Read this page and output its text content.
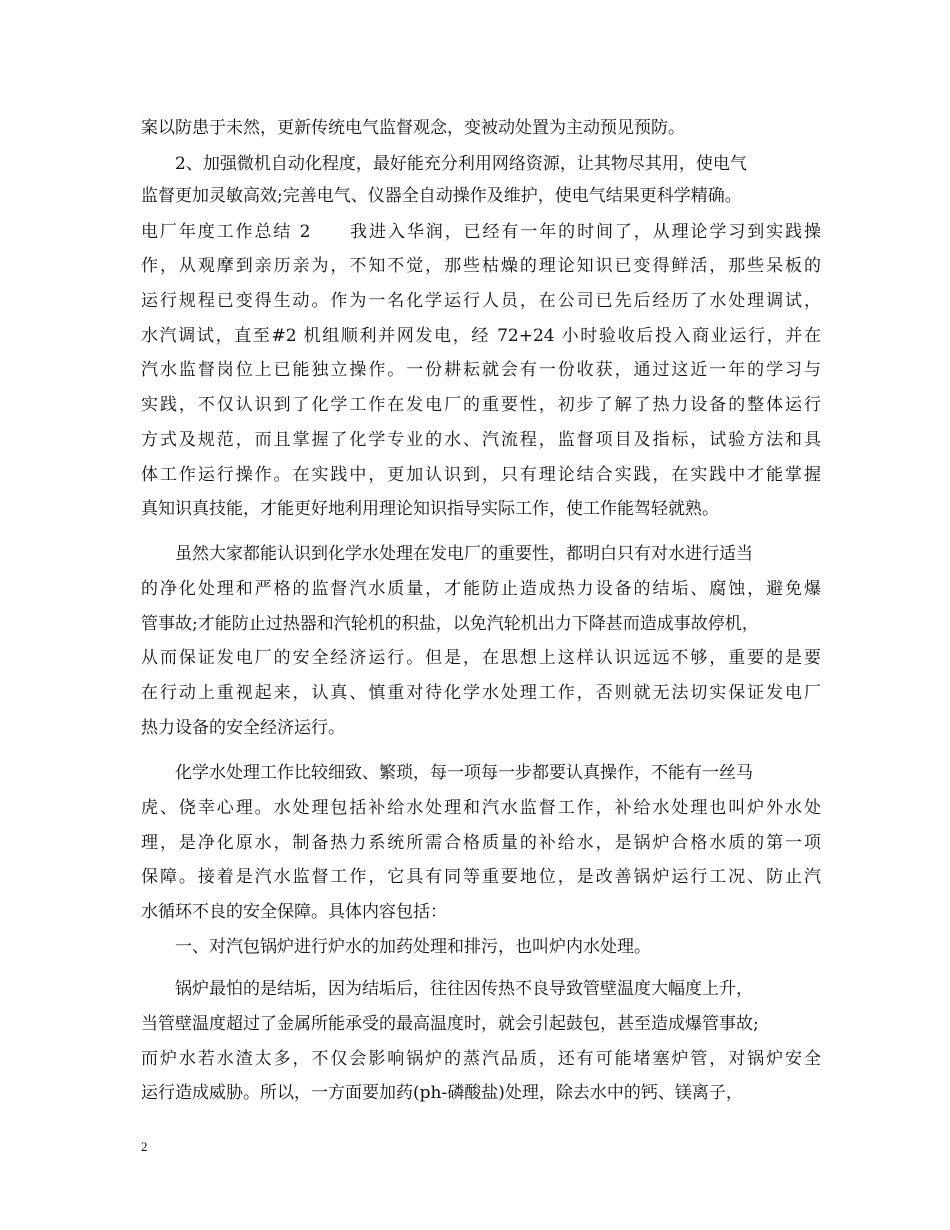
案以防患于未然，更新传统电气监督观念，变被动处置为主动预见预防。
2、加强微机自动化程度，最好能充分利用网络资源，让其物尽其用，使电气
监督更加灵敏高效;完善电气、仪器全自动操作及维护，使电气结果更科学精确。
电厂年度工作总结 2　　我进入华润，已经有一年的时间了，从理论学习到实践操
作，从观摩到亲历亲为，不知不觉，那些枯燥的理论知识已变得鲜活，那些呆板的
运行规程已变得生动。作为一名化学运行人员，在公司已先后经历了水处理调试，
水汽调试，直至#2 机组顺利并网发电，经 72+24 小时验收后投入商业运行，并在
汽水监督岗位上已能独立操作。一份耕耘就会有一份收获，通过这近一年的学习与
实践，不仅认识到了化学工作在发电厂的重要性，初步了解了热力设备的整体运行
方式及规范，而且掌握了化学专业的水、汽流程，监督项目及指标，试验方法和具
体工作运行操作。在实践中，更加认识到，只有理论结合实践，在实践中才能掌握
真知识真技能，才能更好地利用理论知识指导实际工作，使工作能驾轻就熟。
虽然大家都能认识到化学水处理在发电厂的重要性，都明白只有对水进行适当
的净化处理和严格的监督汽水质量，才能防止造成热力设备的结垢、腐蚀，避免爆
管事故;才能防止过热器和汽轮机的积盐，以免汽轮机出力下降甚而造成事故停机，
从而保证发电厂的安全经济运行。但是，在思想上这样认识远远不够，重要的是要
在行动上重视起来，认真、慎重对待化学水处理工作，否则就无法切实保证发电厂
热力设备的安全经济运行。
化学水处理工作比较细致、繁琐，每一项每一步都要认真操作，不能有一丝马
虎、侥幸心理。水处理包括补给水处理和汽水监督工作，补给水处理也叫炉外水处
理，是净化原水，制备热力系统所需合格质量的补给水，是锅炉合格水质的第一项
保障。接着是汽水监督工作，它具有同等重要地位，是改善锅炉运行工况、防止汽
水循环不良的安全保障。具体内容包括：
一、对汽包锅炉进行炉水的加药处理和排污，也叫炉内水处理。
锅炉最怕的是结垢，因为结垢后，往往因传热不良导致管壁温度大幅度上升，
当管壁温度超过了金属所能承受的最高温度时，就会引起鼓包，甚至造成爆管事故;
而炉水若水渣太多，不仅会影响锅炉的蒸汽品质，还有可能堵塞炉管，对锅炉安全
运行造成威胁。所以，一方面要加药(ph-磷酸盐)处理，除去水中的钙、镁离子，
2
